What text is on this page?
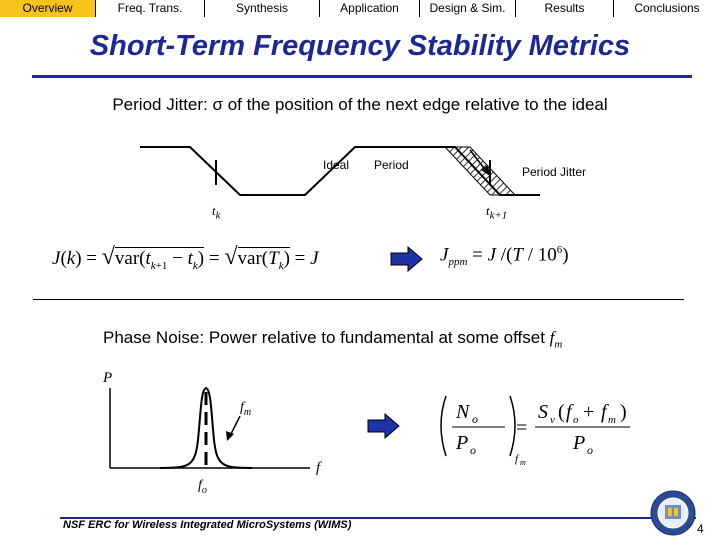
Overview	Freq. Trans.	Synthesis	Application	Design & Sim.	Results	Conclusions
Short-Term Frequency Stability Metrics
Period Jitter: σ of the position of the next edge relative to the ideal
Ideal Period	Period Jitter
$t_k$	$t_{k+1}$
$J(k) = √var(t_{k+1} - t_k) = √var(T_k) = J$	$J_{ppm} = J$ $/(T / 10^6)$
Phase Noise: Power relative to fundamental at some offset $f_m$
P
f
$f_m$
$f_o$
N o
P o
f m
=
S v ( f o + f m )
P o
NSF ERC for Wireless Integrated MicroSystems (WIMS)	4
